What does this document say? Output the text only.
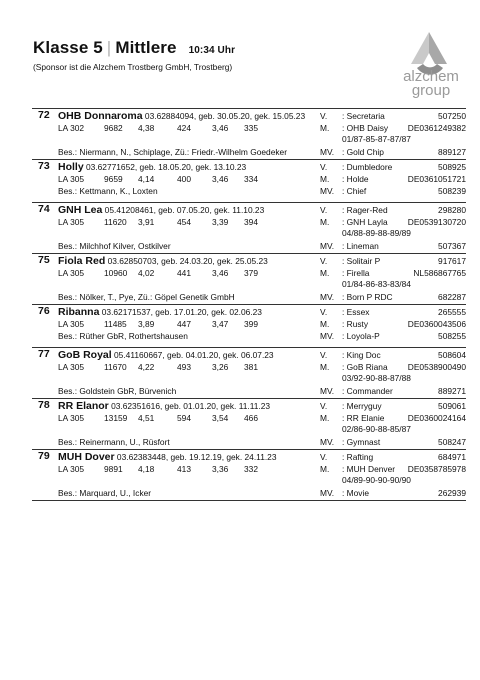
Klasse 5 | Mittlere 10:34 Uhr
(Sponsor ist die Alzchem Trostberg GmbH, Trostberg)
alzchem
group
72 OHB Donnaroma 03.62884094, geb. 30.05.20, gek. 15.05.23
LA 302 9682 4,38	424	3,46 335
Bes.: Niermann, N., Schiplage, Zü.: Friedr.-Wilhelm Goedeker
V. : Secretaria	507250
M. : OHB Daisy DE0361249382
01/87-85-87-87/87
MV. : Gold Chip	889127
73 Holly 03.62771652, geb. 18.05.20, gek. 13.10.23
LA 305 9659 4,14	400	3,46 334
Bes.: Kettmann, K., Loxten
V. : Dumbledore	508925
M. : Holde	DE0361051721
MV. : Chief	508239
74 GNH Lea 05.41208461, geb. 07.05.20, gek. 11.10.23
LA 305 11620 3,91	454	3,39 394
Bes.: Milchhof Kilver, Ostkilver
V. : Rager-Red	298280
M. : GNH Layla DE0539130720
04/88-89-88-89/89
MV. : Lineman	507367
75 Fiola Red 03.62850703, geb. 24.03.20, gek. 25.05.23
LA 305 10960 4,02	441	3,46 379
Bes.: Nölker, T., Pye, Zü.: Göpel Genetik GmbH
V. : Solitair P	917617
M. : Firella	NL586867765
01/84-86-83-83/84
MV. : Born P RDC	682287
76 Ribanna 03.62171537, geb. 17.01.20, gek. 02.06.23
LA 305 11485 3,89	447	3,47 399
Bes.: Rüther GbR, Rothertshausen
V. : Essex	265555
M. : Rusty	DE0360043506
MV. : Loyola-P	508255
77 GoB Royal 05.41160667, geb. 04.01.20, gek. 06.07.23
LA 305 11670 4,22	493	3,26 381
Bes.: Goldstein GbR, Bürvenich
V. : King Doc	508604
M. : GoB Riana DE0538900490
03/92-90-88-87/88
MV. : Commander	889271
78 RR Elanor 03.62351616, geb. 01.01.20, gek. 11.11.23
LA 305 13159 4,51	594	3,54 466
Bes.: Reinermann, U., Rüsfort
V. : Merryguy	509061
M. : RR Elanie	DE0360024164
02/86-90-88-85/87
MV. : Gymnast	508247
79 MUH Dover 03.62383448, geb. 19.12.19, gek. 24.11.23
LA 305 9891 4,18	413	3,36 332
Bes.: Marquard, U., Icker
V. : Rafting	684971
M. : MUH Denver DE0358785978
04/89-90-90-90/90
MV. : Movie	262939
